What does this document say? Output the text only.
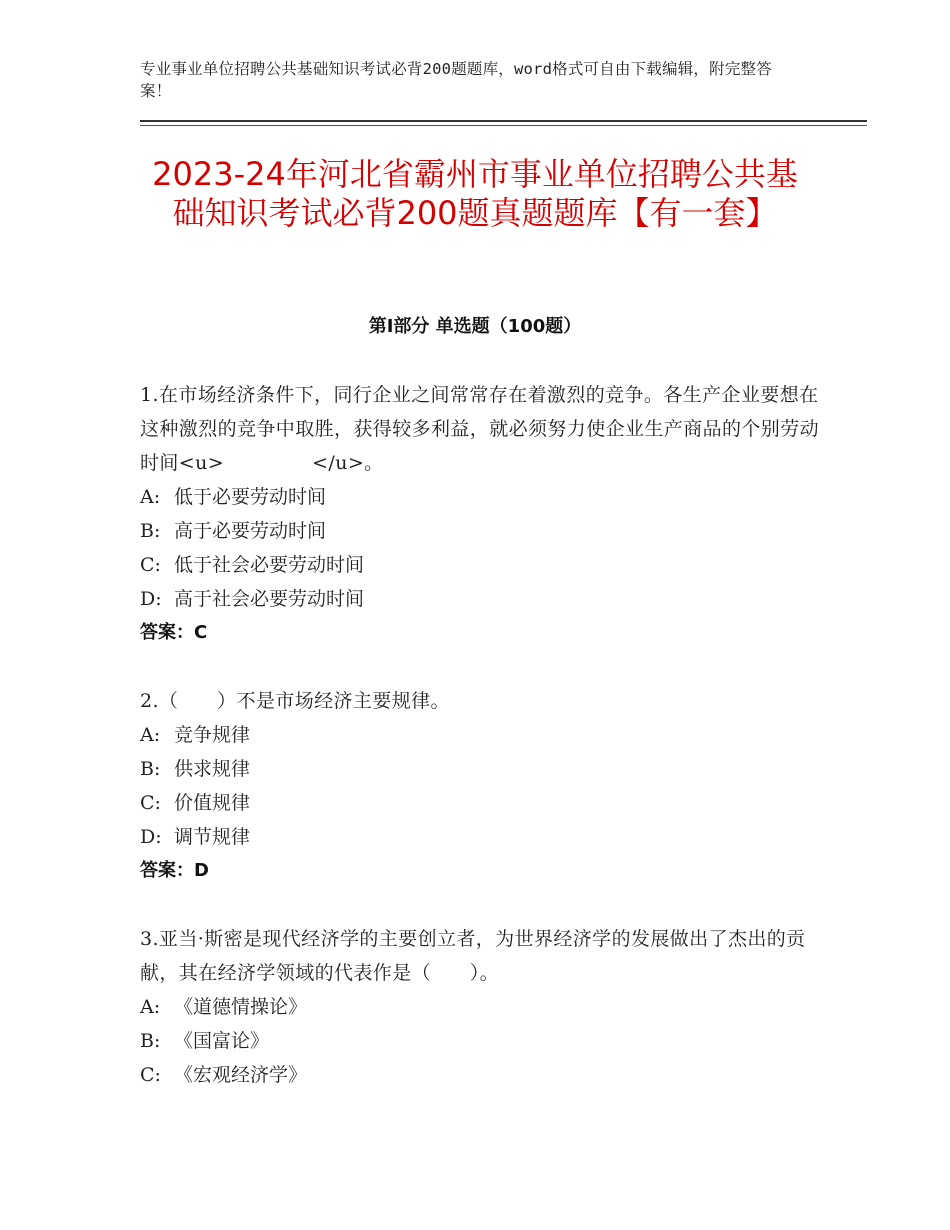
专业事业单位招聘公共基础知识考试必背200题题库，word格式可自由下载编辑，附完整答案！
2023-24年河北省霸州市事业单位招聘公共基础知识考试必背200题真题题库【有一套】
第Ⅰ部分 单选题（100题）

1.在市场经济条件下，同行企业之间常常存在着激烈的竞争。各生产企业要想在这种激烈的竞争中取胜，获得较多利益，就必须努力使企业生产商品的个别劳动时间<u>	</u>。

A: 低于必要劳动时间

B: 高于必要劳动时间

C: 低于社会必要劳动时间

D: 高于社会必要劳动时间

答案：C

2.（　　）不是市场经济主要规律。

A: 竞争规律

B: 供求规律

C: 价值规律

D: 调节规律

答案：D

3.亚当·斯密是现代经济学的主要创立者，为世界经济学的发展做出了杰出的贡献，其在经济学领域的代表作是（　　）。

A: 《道德情操论》

B: 《国富论》

C: 《宏观经济学》
